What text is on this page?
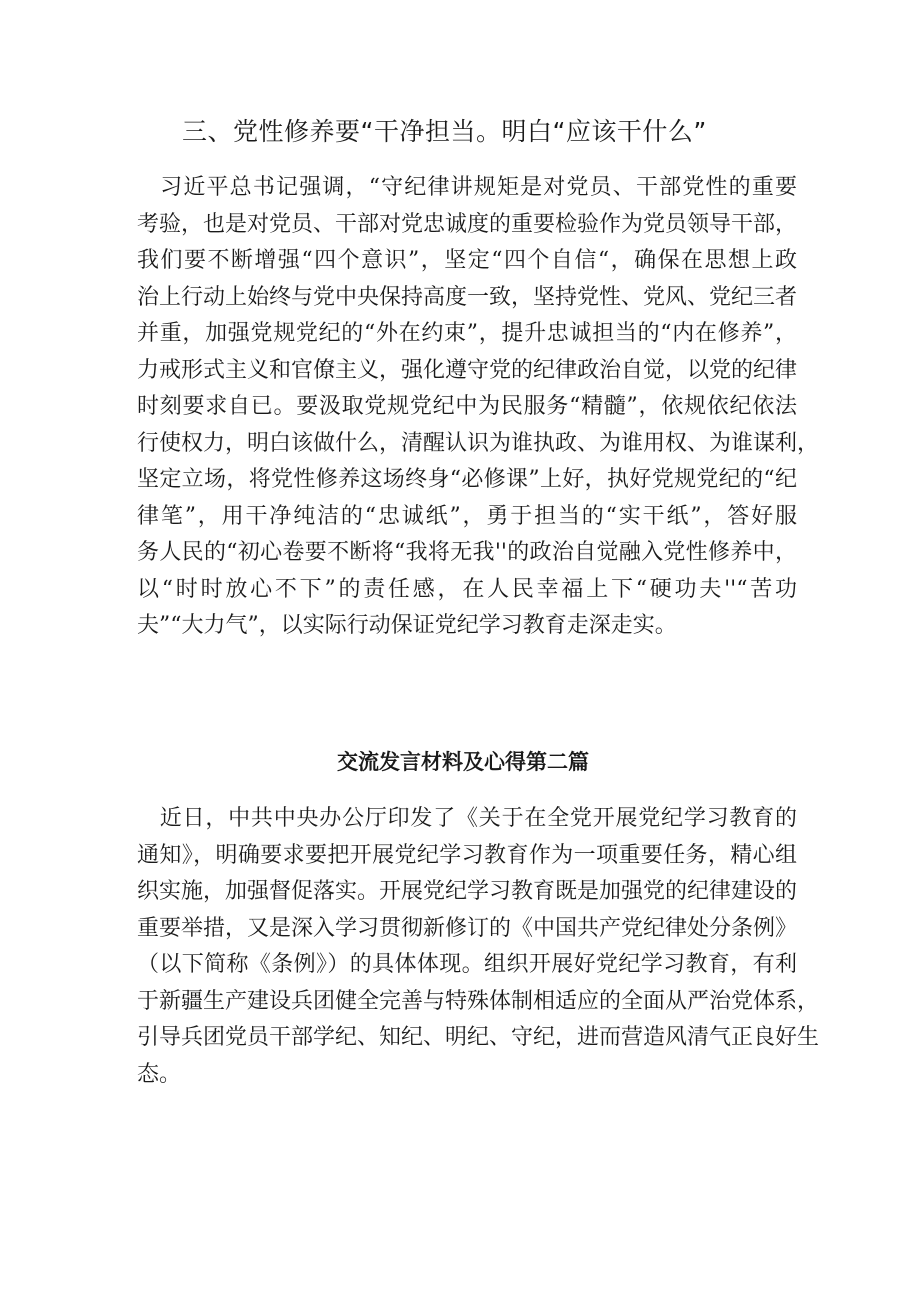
三、党性修养要“干净担当。明白“应该干什么”
　习近平总书记强调，“守纪律讲规矩是对党员、干部党性的重要
考验，也是对党员、干部对党忠诚度的重要检验作为党员领导干部，
我们要不断增强“四个意识”，坚定“四个自信“，确保在思想上政
治上行动上始终与党中央保持高度一致，坚持党性、党风、党纪三者
并重，加强党规党纪的“外在约束”，提升忠诚担当的“内在修养”，
力戒形式主义和官僚主义，强化遵守党的纪律政治自觉，以党的纪律
时刻要求自已。要汲取党规党纪中为民服务“精髓”，依规依纪依法
行使权力，明白该做什么，清醒认识为谁执政、为谁用权、为谁谋利，
坚定立场，将党性修养这场终身“必修课”上好，执好党规党纪的“纪
律笔”，用干净纯洁的“忠诚纸”，勇于担当的“实干纸”，答好服
务人民的“初心卷要不断将“我将无我''的政治自觉融入党性修养中，
以“时时放心不下”的责任感，在人民幸福上下“硬功夫''“苦功
夫”“大力气”，以实际行动保证党纪学习教育走深走实。
交流发言材料及心得第二篇
　近日，中共中央办公厅印发了《关于在全党开展党纪学习教育的
通知》，明确要求要把开展党纪学习教育作为一项重要任务，精心组
织实施，加强督促落实。开展党纪学习教育既是加强党的纪律建设的
重要举措，又是深入学习贯彻新修订的《中国共产党纪律处分条例》
（以下简称《条例》）的具体体现。组织开展好党纪学习教育，有利
于新疆生产建设兵团健全完善与特殊体制相适应的全面从严治党体系，
引导兵团党员干部学纪、知纪、明纪、守纪，进而营造风清气正良好生
态。
